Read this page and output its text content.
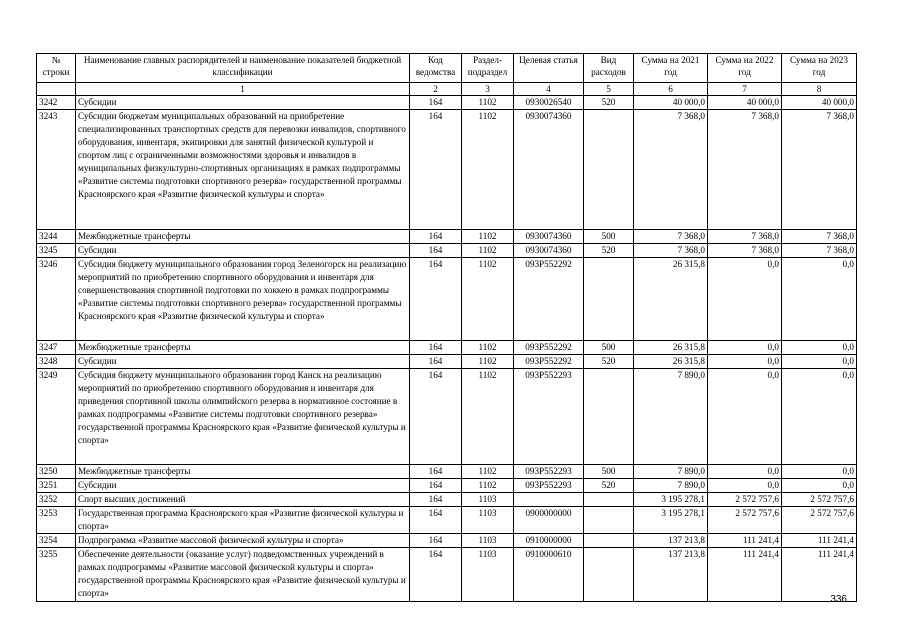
№ строки	Наименование главных распорядителей и наименование показателей бюджетной классификации	Код ведомства	Раздел- подраздел	Целевая статья	Вид расходов	Сумма на 2021 год	Сумма на 2022 год	Сумма на 2023 год
	1	2	3	4	5	6	7	8
3242	Субсидии	164	1102	0930026540	520	40 000,0	40 000,0	40 000,0
3243	Субсидии бюджетам муниципальных образований на приобретение специализированных транспортных средств для перевозки инвалидов, спортивного оборудования, инвентаря, экипировки для занятий физической культурой и спортом лиц с ограниченными возможностями здоровья и инвалидов в муниципальных физкультурно-спортивных организациях в рамках подпрограммы «Развитие системы подготовки спортивного резерва» государственной программы Красноярского края «Развитие физической культуры и спорта»	164	1102	0930074360		7 368,0	7 368,0	7 368,0
3244	Межбюджетные трансферты	164	1102	0930074360	500	7 368,0	7 368,0	7 368,0
3245	Субсидии	164	1102	0930074360	520	7 368,0	7 368,0	7 368,0
3246	Субсидия бюджету муниципального образования город Зеленогорск на реализацию мероприятий по приобретению спортивного оборудования и инвентаря для совершенствования спортивной подготовки по хоккею в рамках подпрограммы «Развитие системы подготовки спортивного резерва» государственной программы Красноярского края «Развитие физической культуры и спорта»	164	1102	093P552292		26 315,8	0,0	0,0
3247	Межбюджетные трансферты	164	1102	093P552292	500	26 315,8	0,0	0,0
3248	Субсидии	164	1102	093P552292	520	26 315,8	0,0	0,0
3249	Субсидия бюджету муниципального образования город Канск на реализацию мероприятий по приобретению спортивного оборудования и инвентаря для приведения спортивной школы олимпийского резерва в нормативное состояние в рамках подпрограммы «Развитие системы подготовки спортивного резерва» государственной программы Красноярского края «Развитие физической культуры и спорта»	164	1102	093P552293		7 890,0	0,0	0,0
3250	Межбюджетные трансферты	164	1102	093P552293	500	7 890,0	0,0	0,0
3251	Субсидии	164	1102	093P552293	520	7 890,0	0,0	0,0
3252	Спорт высших достижений	164	1103			3 195 278,1	2 572 757,6	2 572 757,6
3253	Государственная программа Красноярского края «Развитие физической культуры и спорта»	164	1103	0900000000		3 195 278,1	2 572 757,6	2 572 757,6
3254	Подпрограмма «Развитие массовой физической культуры и спорта»	164	1103	0910000000		137 213,8	111 241,4	111 241,4
3255	Обеспечение деятельности (оказание услуг) подведомственных учреждений в рамках подпрограммы «Развитие массовой физической культуры и спорта» государственной программы Красноярского края «Развитие физической культуры и спорта»	164	1103	0910000610		137 213,8	111 241,4	111 241,4
336
